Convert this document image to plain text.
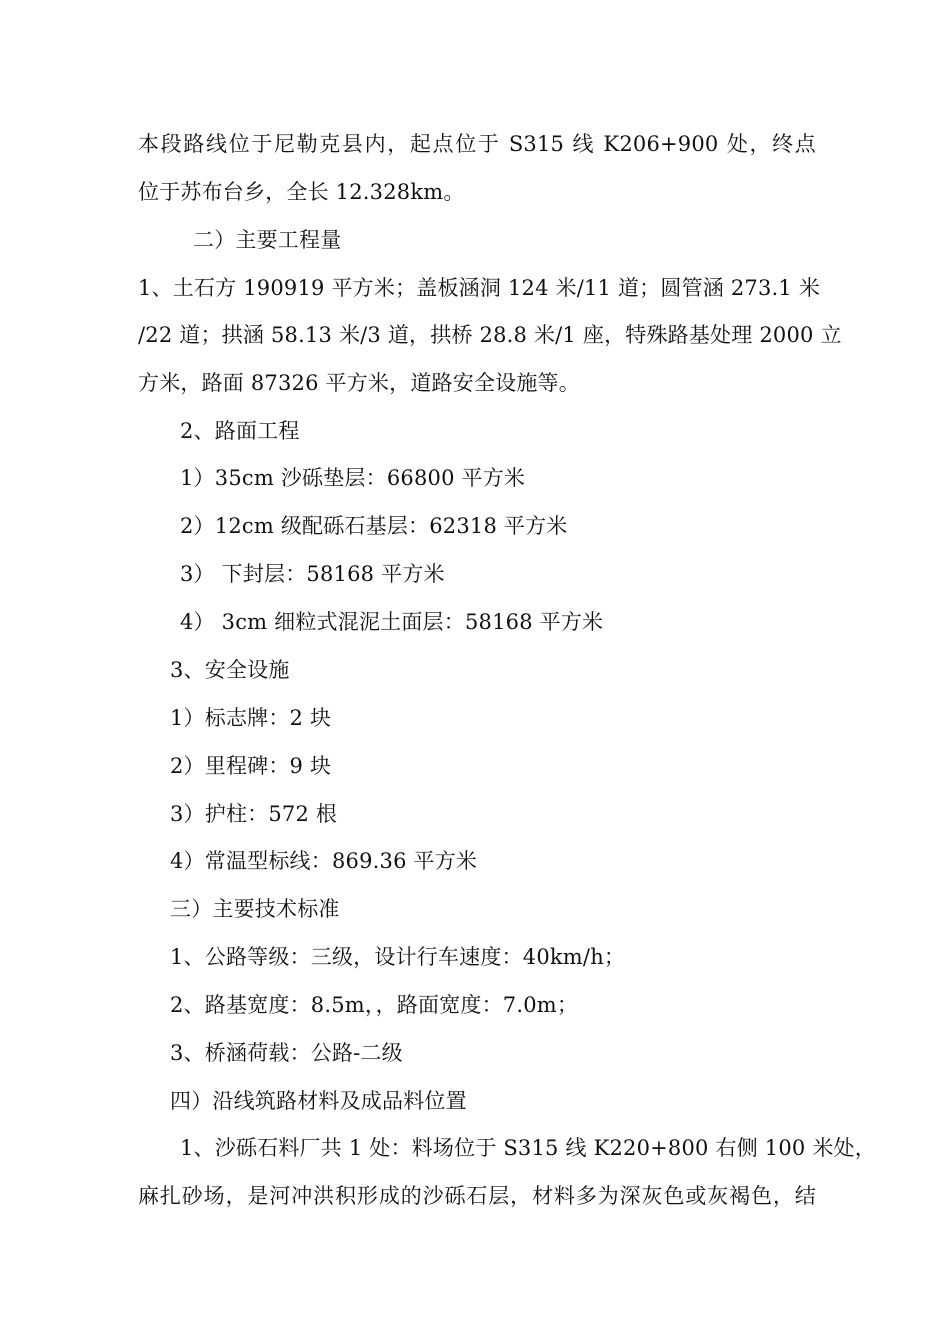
本段路线位于尼勒克县内，起点位于 S315 线 K206+900 处，终点
位于苏布台乡，全长 12.328km。
二）主要工程量
1、土石方 190919 平方米；盖板涵洞 124 米/11 道；圆管涵 273.1 米
/22 道；拱涵 58.13 米/3 道，拱桥 28.8 米/1 座，特殊路基处理 2000 立
方米，路面 87326 平方米，道路安全设施等。
2、路面工程
1）35cm 沙砾垫层：66800 平方米
2）12cm 级配砾石基层：62318 平方米
3） 下封层：58168 平方米
4） 3cm 细粒式混泥土面层：58168 平方米
3、安全设施
1）标志牌：2 块
2）里程碑：9 块
3）护柱：572 根
4）常温型标线：869.36 平方米
三）主要技术标准
1、公路等级：三级，设计行车速度：40km/h；
2、路基宽度：8.5m，，路面宽度：7.0m；
3、桥涵荷载：公路-二级
四）沿线筑路材料及成品料位置
1、沙砾石料厂共 1 处：料场位于 S315 线 K220+800 右侧 100 米处，
麻扎砂场，是河冲洪积形成的沙砾石层，材料多为深灰色或灰褐色，结
